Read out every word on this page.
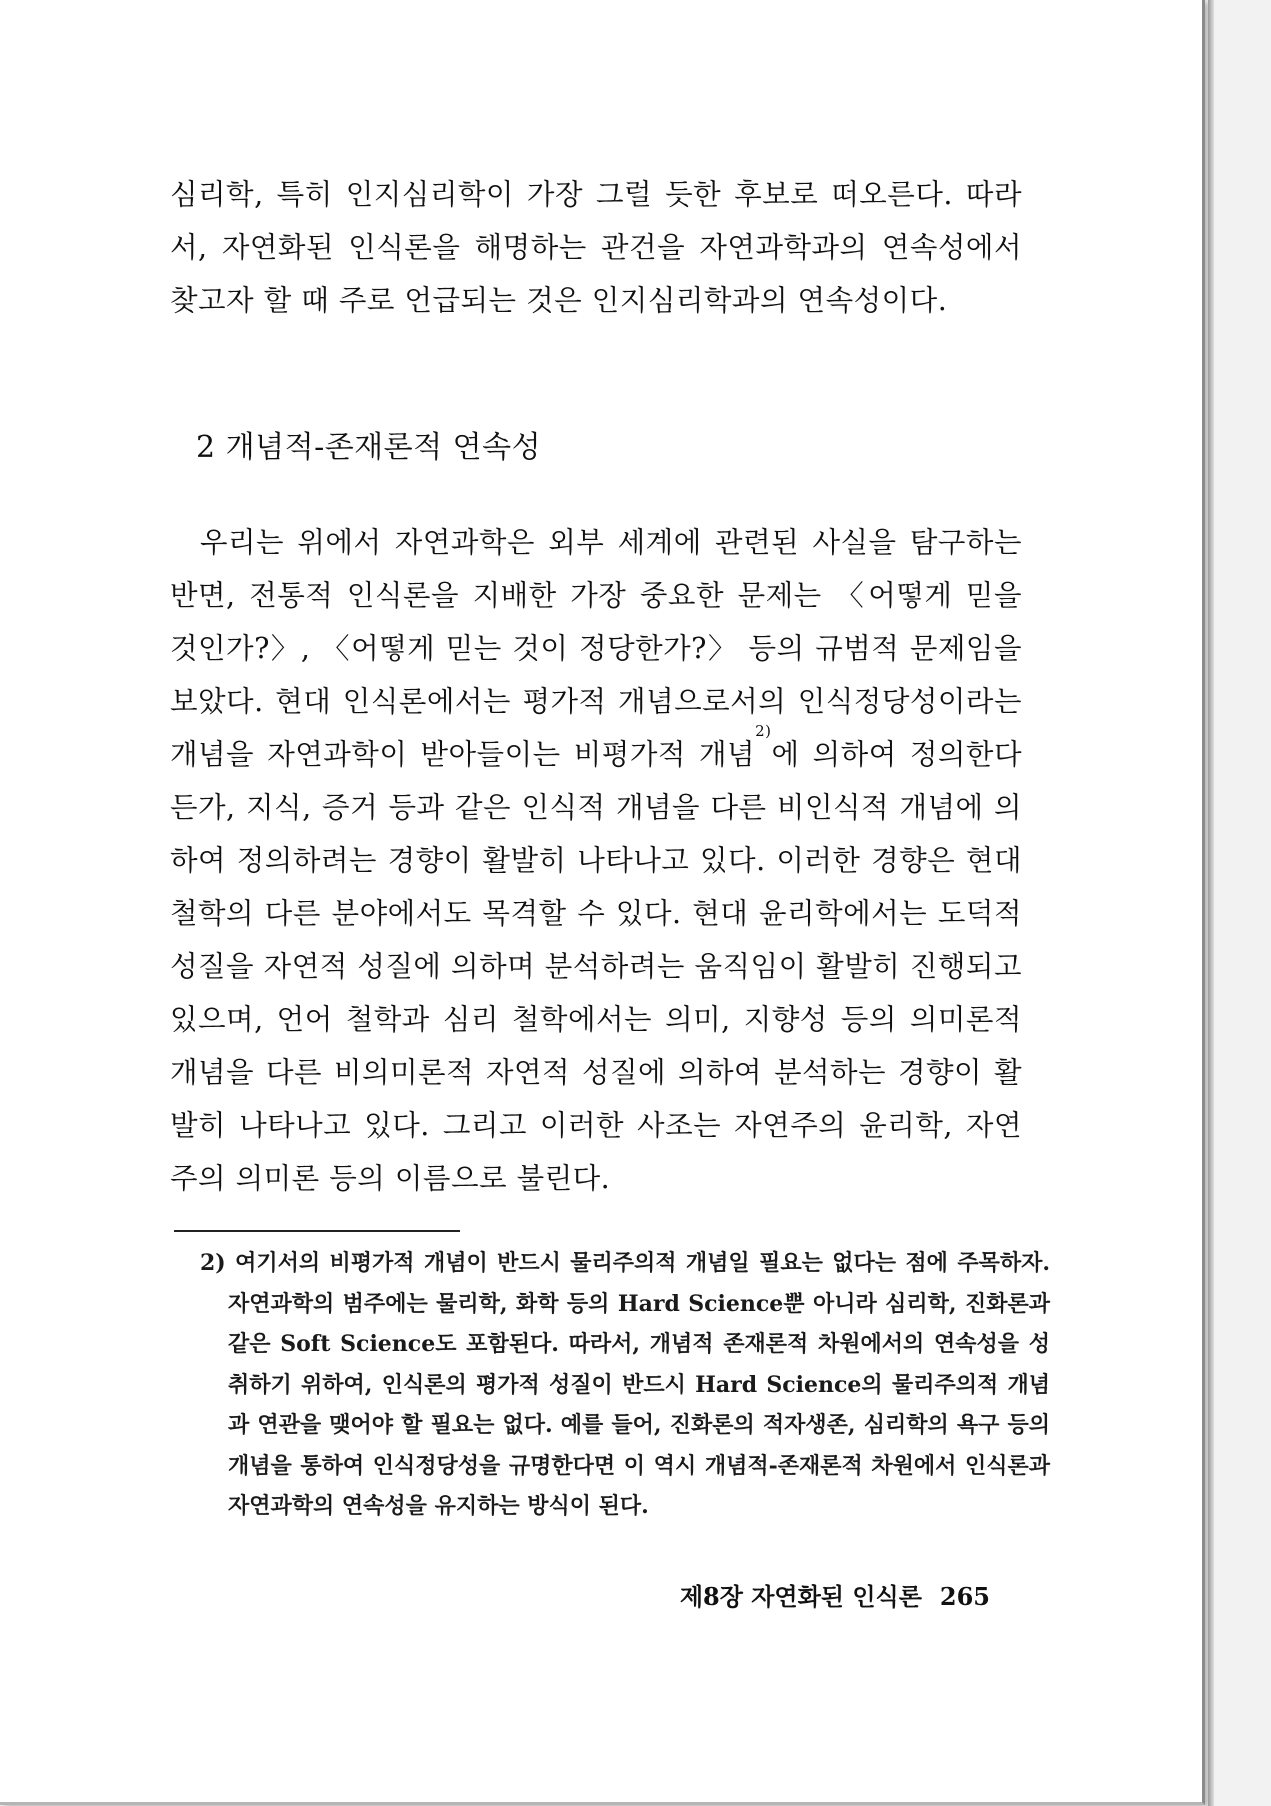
심리학, 특히 인지심리학이 가장 그럴 듯한 후보로 떠오른다. 따라서, 자연화된 인식론을 해명하는 관건을 자연과학과의 연속성에서 찾고자 할 때 주로 언급되는 것은 인지심리학과의 연속성이다.

2 개념적-존재론적 연속성

우리는 위에서 자연과학은 외부 세계에 관련된 사실을 탐구하는 반면, 전통적 인식론을 지배한 가장 중요한 문제는 〈어떻게 믿을 것인가?〉, 〈어떻게 믿는 것이 정당한가?〉 등의 규범적 문제임을 보았다. 현대 인식론에서는 평가적 개념으로서의 인식정당성이라는 개념을 자연과학이 받아들이는 비평가적 개념$^{2)}$에 의하여 정의한다든가, 지식, 증거 등과 같은 인식적 개념을 다른 비인식적 개념에 의하여 정의하려는 경향이 활발히 나타나고 있다. 이러한 경향은 현대 철학의 다른 분야에서도 목격할 수 있다. 현대 윤리학에서는 도덕적 성질을 자연적 성질에 의하며 분석하려는 움직임이 활발히 진행되고 있으며, 언어 철학과 심리 철학에서는 의미, 지향성 등의 의미론적 개념을 다른 비의미론적 자연적 성질에 의하여 분석하는 경향이 활발히 나타나고 있다. 그리고 이러한 사조는 자연주의 윤리학, 자연주의 의미론 등의 이름으로 불린다.

2) 여기서의 비평가적 개념이 반드시 물리주의적 개념일 필요는 없다는 점에 주목하자. 자연과학의 범주에는 물리학, 화학 등의 Hard Science뿐 아니라 심리학, 진화론과 같은 Soft Science도 포함된다. 따라서, 개념적 존재론적 차원에서의 연속성을 성취하기 위하여, 인식론의 평가적 성질이 반드시 Hard Science의 물리주의적 개념과 연관을 맺어야 할 필요는 없다. 예를 들어, 진화론의 적자생존, 심리학의 욕구 등의 개념을 통하여 인식정당성을 규명한다면 이 역시 개념적-존재론적 차원에서 인식론과 자연과학의 연속성을 유지하는 방식이 된다.

제8장 자연화된 인식론 265
